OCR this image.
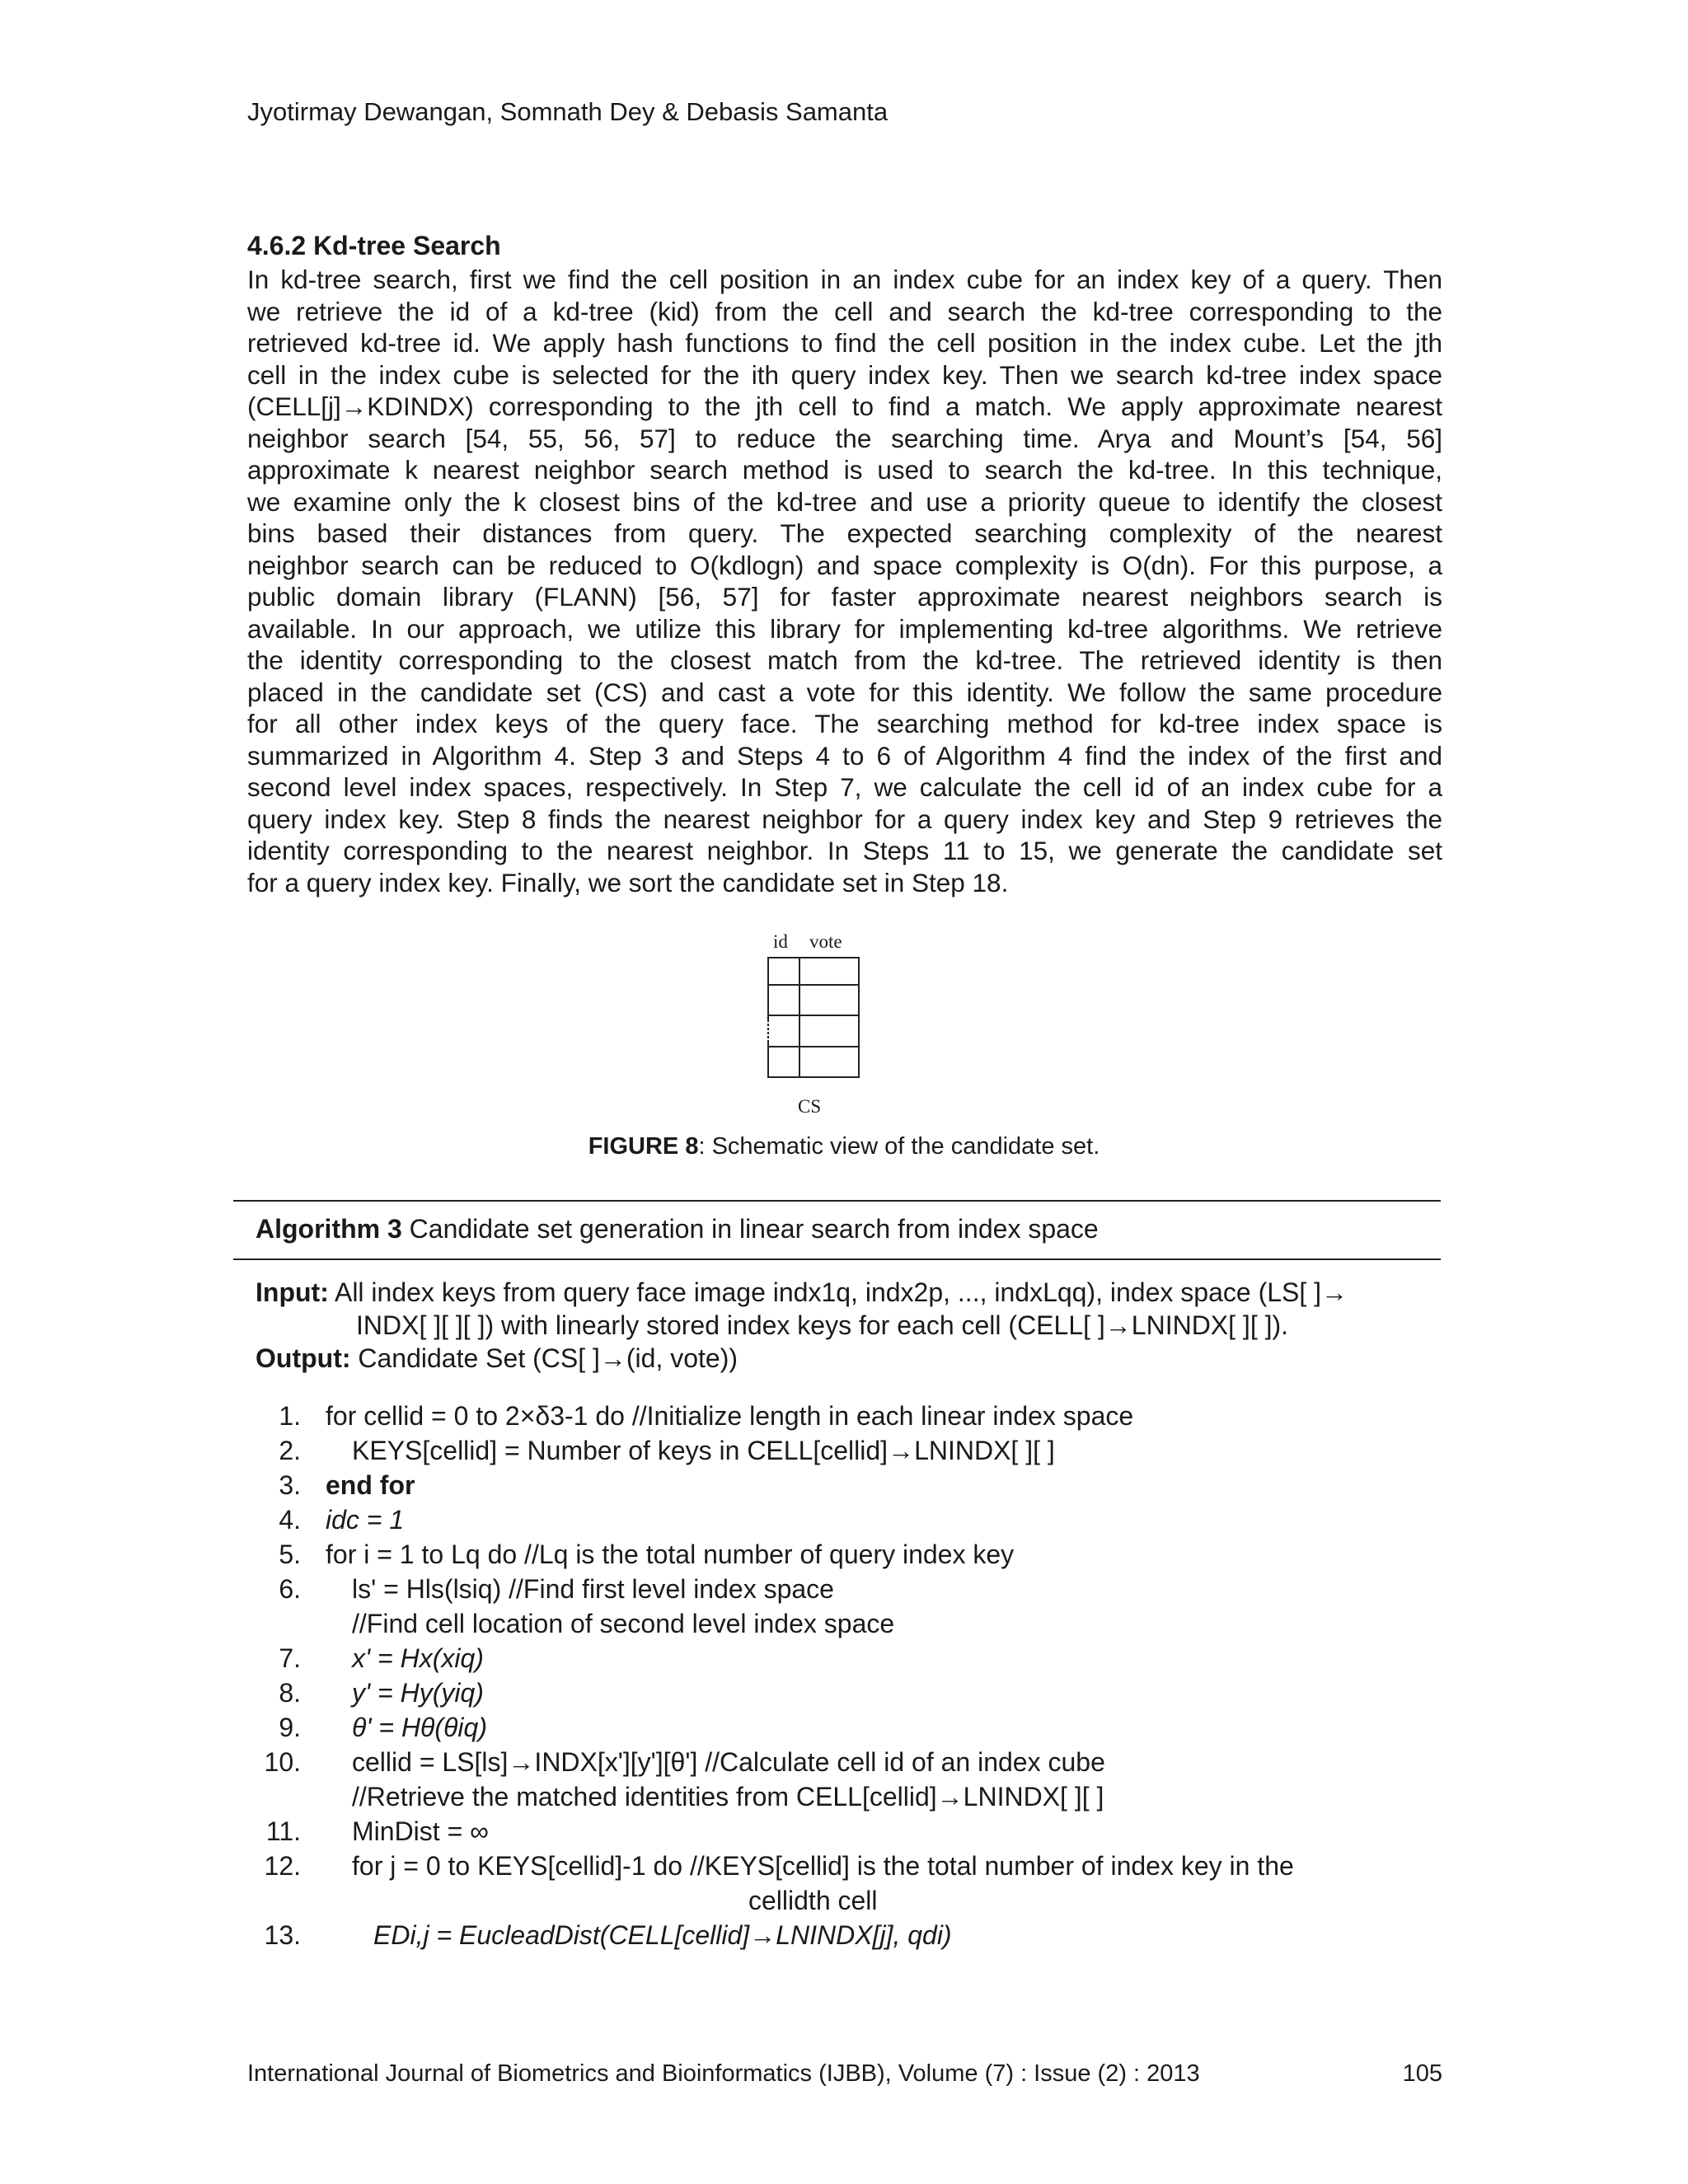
Jyotirmay Dewangan, Somnath Dey & Debasis Samanta
4.6.2 Kd-tree Search
In kd-tree search, first we find the cell position in an index cube for an index key of a query. Then
we retrieve the id of a kd-tree (kid) from the cell and search the kd-tree corresponding to the
retrieved kd-tree id. We apply hash functions to find the cell position in the index cube. Let the jth
cell in the index cube is selected for the ith query index key. Then we search kd-tree index space
(CELL[j]→KDINDX) corresponding to the jth cell to find a match. We apply approximate nearest
neighbor search [54, 55, 56, 57] to reduce the searching time. Arya and Mount’s [54, 56]
approximate k nearest neighbor search method is used to search the kd-tree. In this technique,
we examine only the k closest bins of the kd-tree and use a priority queue to identify the closest
bins based their distances from query. The expected searching complexity of the nearest
neighbor search can be reduced to O(kdlogn) and space complexity is O(dn). For this purpose, a
public domain library (FLANN) [56, 57] for faster approximate nearest neighbors search is
available. In our approach, we utilize this library for implementing kd-tree algorithms. We retrieve
the identity corresponding to the closest match from the kd-tree. The retrieved identity is then
placed in the candidate set (CS) and cast a vote for this identity. We follow the same procedure
for all other index keys of the query face. The searching method for kd-tree index space is
summarized in Algorithm 4. Step 3 and Steps 4 to 6 of Algorithm 4 find the index of the first and
second level index spaces, respectively. In Step 7, we calculate the cell id of an index cube for a
query index key. Step 8 finds the nearest neighbor for a query index key and Step 9 retrieves the
identity corresponding to the nearest neighbor. In Steps 11 to 15, we generate the candidate set
for a query index key. Finally, we sort the candidate set in Step 18.
id vote
CS
FIGURE 8: Schematic view of the candidate set.
Algorithm 3 Candidate set generation in linear search from index space
Input: All index keys from query face image indx1q, indx2p, ..., indxLqq), index space (LS[ ]→
INDX[ ][ ][ ]) with linearly stored index keys for each cell (CELL[ ]→LNINDX[ ][ ]).
Output: Candidate Set (CS[ ]→(id, vote))
1. for cellid = 0 to 2×δ3-1 do //Initialize length in each linear index space
2. KEYS[cellid] = Number of keys in CELL[cellid]→LNINDX[ ][ ]
3. end for
4. idc = 1
5. for i = 1 to Lq do //Lq is the total number of query index key
6. ls' = Hls(lsiq) //Find first level index space
//Find cell location of second level index space
7. x' = Hx(xiq)
8. y' = Hy(yiq)
9. θ' = Hθ(θiq)
10. cellid = LS[ls]→INDX[x'][y'][θ'] //Calculate cell id of an index cube
//Retrieve the matched identities from CELL[cellid]→LNINDX[ ][ ]
11. MinDist = ∞
12. for j = 0 to KEYS[cellid]-1 do //KEYS[cellid] is the total number of index key in the
cellidth cell
13.	EDi,j = EucleadDist(CELL[cellid]→LNINDX[j], qdi)
International Journal of Biometrics and Bioinformatics (IJBB), Volume (7) : Issue (2) : 2013	105
